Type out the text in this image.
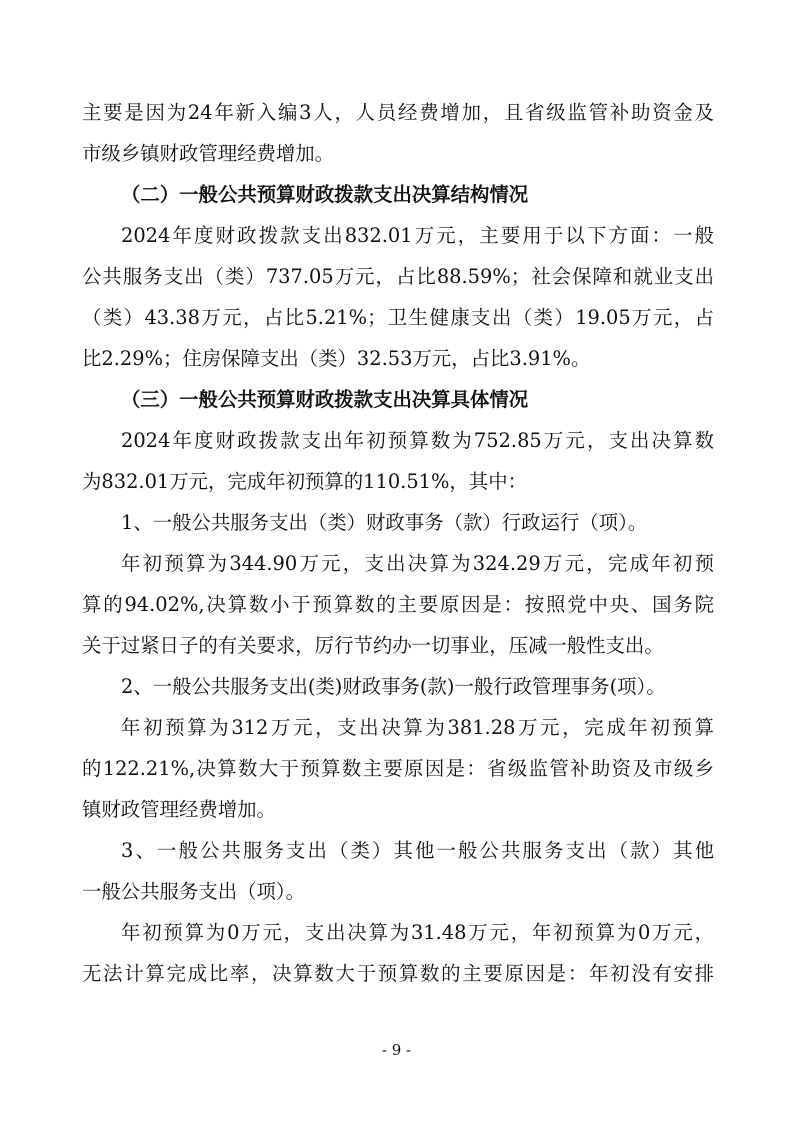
主要是因为24年新入编3人，人员经费增加，且省级监管补助资金及

市级乡镇财政管理经费增加。

（二）一般公共预算财政拨款支出决算结构情况

2024年度财政拨款支出832.01万元，主要用于以下方面：一般

公共服务支出（类）737.05万元，占比88.59%；社会保障和就业支出

（类）43.38万元，占比5.21%；卫生健康支出（类）19.05万元，占

比2.29%；住房保障支出（类）32.53万元，占比3.91%。

（三）一般公共预算财政拨款支出决算具体情况

2024年度财政拨款支出年初预算数为752.85万元，支出决算数

为832.01万元，完成年初预算的110.51%，其中：

1、一般公共服务支出（类）财政事务（款）行政运行（项）。

年初预算为344.90万元，支出决算为324.29万元，完成年初预

算的94.02%,决算数小于预算数的主要原因是：按照党中央、国务院

关于过紧日子的有关要求，厉行节约办一切事业，压减一般性支出。

2、一般公共服务支出(类)财政事务(款)一般行政管理事务(项）。

年初预算为312万元，支出决算为381.28万元，完成年初预算

的122.21%,决算数大于预算数主要原因是：省级监管补助资及市级乡

镇财政管理经费增加。

3、一般公共服务支出（类）其他一般公共服务支出（款）其他

一般公共服务支出（项）。

年初预算为0万元，支出决算为31.48万元，年初预算为0万元，

无法计算完成比率，决算数大于预算数的主要原因是：年初没有安排

- 9 -
